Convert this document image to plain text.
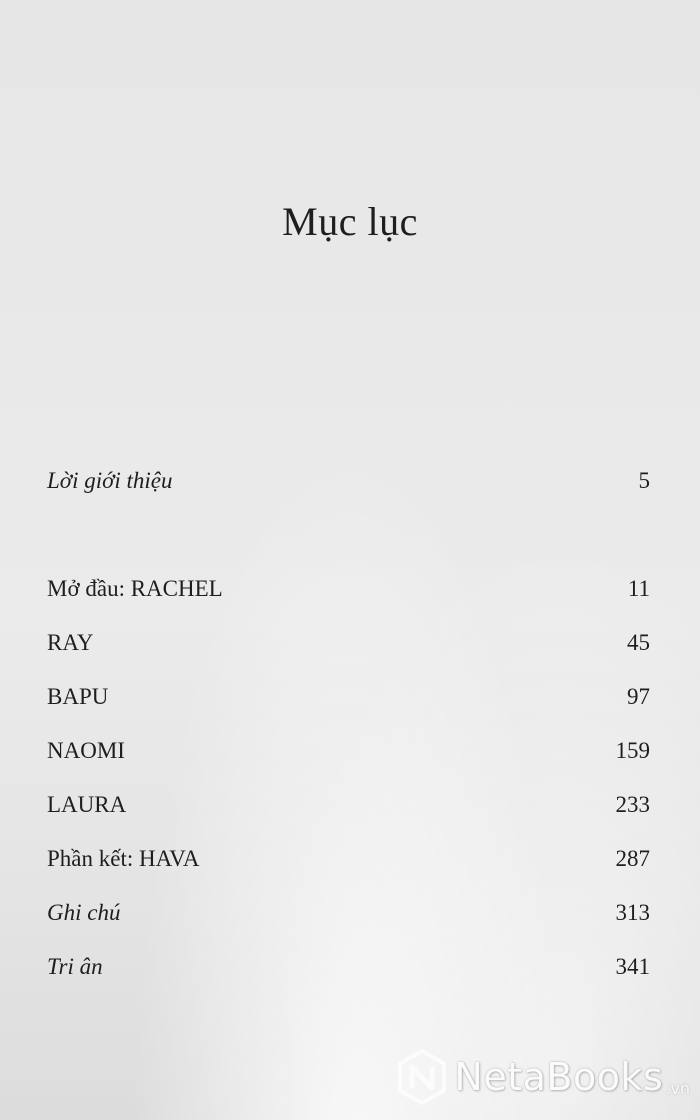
Mục lục
Lời giới thiệu	5
Mở đầu: RACHEL	11
RAY	45
BAPU	97
NAOMI	159
LAURA	233
Phần kết: HAVA	287
Ghi chú	313
Tri ân	341
NetaBooks .vn
